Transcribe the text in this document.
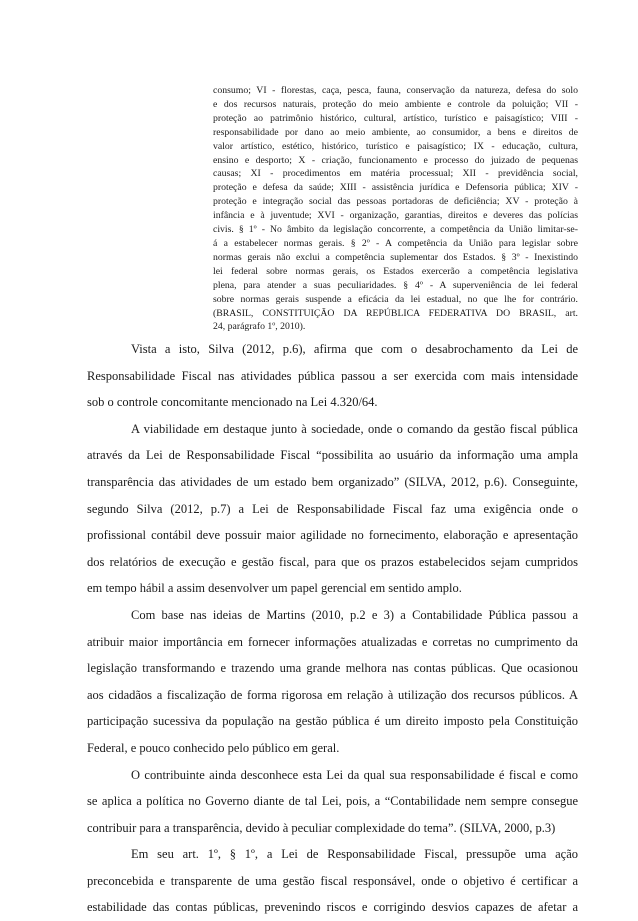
consumo; VI - florestas, caça, pesca, fauna, conservação da natureza, defesa do solo
e dos recursos naturais, proteção do meio ambiente e controle da poluição; VII -
proteção ao patrimônio histórico, cultural, artístico, turístico e paisagístico; VIII -
responsabilidade por dano ao meio ambiente, ao consumidor, a bens e direitos de
valor artístico, estético, histórico, turístico e paisagístico; IX - educação, cultura,
ensino e desporto; X - criação, funcionamento e processo do juizado de pequenas
causas; XI - procedimentos em matéria processual; XII - previdência social,
proteção e defesa da saúde; XIII - assistência jurídica e Defensoria pública; XIV -
proteção e integração social das pessoas portadoras de deficiência; XV - proteção à
infância e à juventude; XVI - organização, garantias, direitos e deveres das polícias
civis. § 1º - No âmbito da legislação concorrente, a competência da União limitar-se-
á a estabelecer normas gerais. § 2º - A competência da União para legislar sobre
normas gerais não exclui a competência suplementar dos Estados. § 3º - Inexistindo
lei federal sobre normas gerais, os Estados exercerão a competência legislativa
plena, para atender a suas peculiaridades. § 4º - A superveniência de lei federal
sobre normas gerais suspende a eficácia da lei estadual, no que lhe for contrário.
(BRASIL, CONSTITUIÇÃO DA REPÚBLICA FEDERATIVA DO BRASIL, art.
24, parágrafo 1º, 2010).
Vista a isto, Silva (2012, p.6), afirma que com o desabrochamento da Lei de
Responsabilidade Fiscal nas atividades pública passou a ser exercida com mais intensidade
sob o controle concomitante mencionado na Lei 4.320/64.
A viabilidade em destaque junto à sociedade, onde o comando da gestão fiscal pública
através da Lei de Responsabilidade Fiscal “possibilita ao usuário da informação uma ampla
transparência das atividades de um estado bem organizado” (SILVA, 2012, p.6). Conseguinte,
segundo Silva (2012, p.7) a Lei de Responsabilidade Fiscal faz uma exigência onde o
profissional contábil deve possuir maior agilidade no fornecimento, elaboração e apresentação
dos relatórios de execução e gestão fiscal, para que os prazos estabelecidos sejam cumpridos
em tempo hábil a assim desenvolver um papel gerencial em sentido amplo.
Com base nas ideias de Martins (2010, p.2 e 3) a Contabilidade Pública passou a
atribuir maior importância em fornecer informações atualizadas e corretas no cumprimento da
legislação transformando e trazendo uma grande melhora nas contas públicas. Que ocasionou
aos cidadãos a fiscalização de forma rigorosa em relação à utilização dos recursos públicos. A
participação sucessiva da população na gestão pública é um direito imposto pela Constituição
Federal, e pouco conhecido pelo público em geral.
O contribuinte ainda desconhece esta Lei da qual sua responsabilidade é fiscal e como
se aplica a política no Governo diante de tal Lei, pois, a “Contabilidade nem sempre consegue
contribuir para a transparência, devido à peculiar complexidade do tema”. (SILVA, 2000, p.3)
Em seu art. 1º, § 1º, a Lei de Responsabilidade Fiscal, pressupõe uma ação
preconcebida e transparente de uma gestão fiscal responsável, onde o objetivo é certificar a
estabilidade das contas públicas, prevenindo riscos e corrigindo desvios capazes de afetar a
